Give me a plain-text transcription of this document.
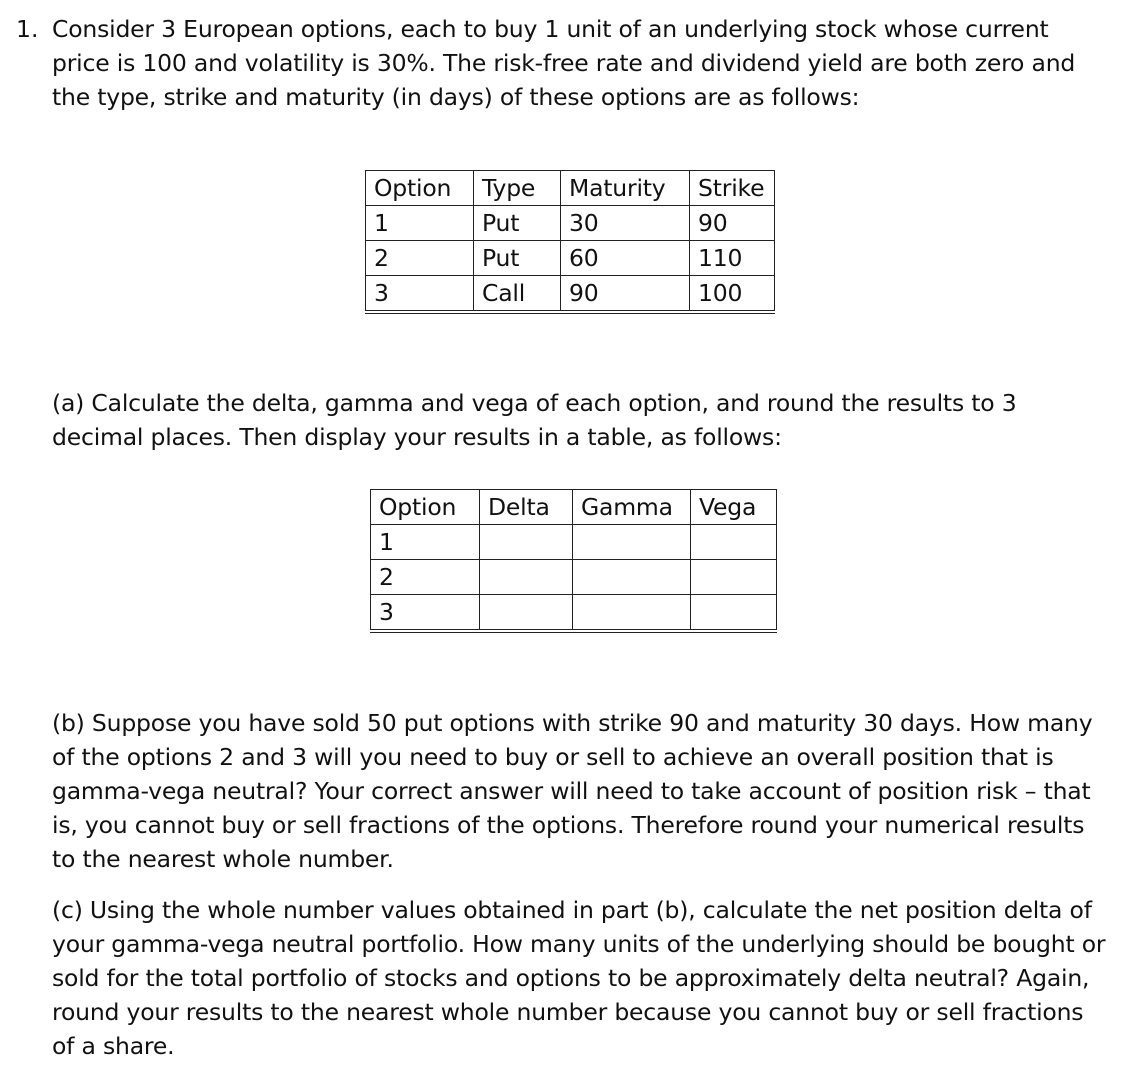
1. Consider 3 European options, each to buy 1 unit of an underlying stock whose current price is 100 and volatility is 30%. The risk-free rate and dividend yield are both zero and the type, strike and maturity (in days) of these options are as follows:

Option	Type	Maturity	Strike
1	Put	30	90
2	Put	60	110
3	Call	90	100

(a) Calculate the delta, gamma and vega of each option, and round the results to 3 decimal places. Then display your results in a table, as follows:

Option	Delta	Gamma	Vega
1			
2			
3			

(b) Suppose you have sold 50 put options with strike 90 and maturity 30 days. How many of the options 2 and 3 will you need to buy or sell to achieve an overall position that is gamma-vega neutral? Your correct answer will need to take account of position risk – that is, you cannot buy or sell fractions of the options. Therefore round your numerical results to the nearest whole number.

(c) Using the whole number values obtained in part (b), calculate the net position delta of your gamma-vega neutral portfolio. How many units of the underlying should be bought or sold for the total portfolio of stocks and options to be approximately delta neutral? Again, round your results to the nearest whole number because you cannot buy or sell fractions of a share.
